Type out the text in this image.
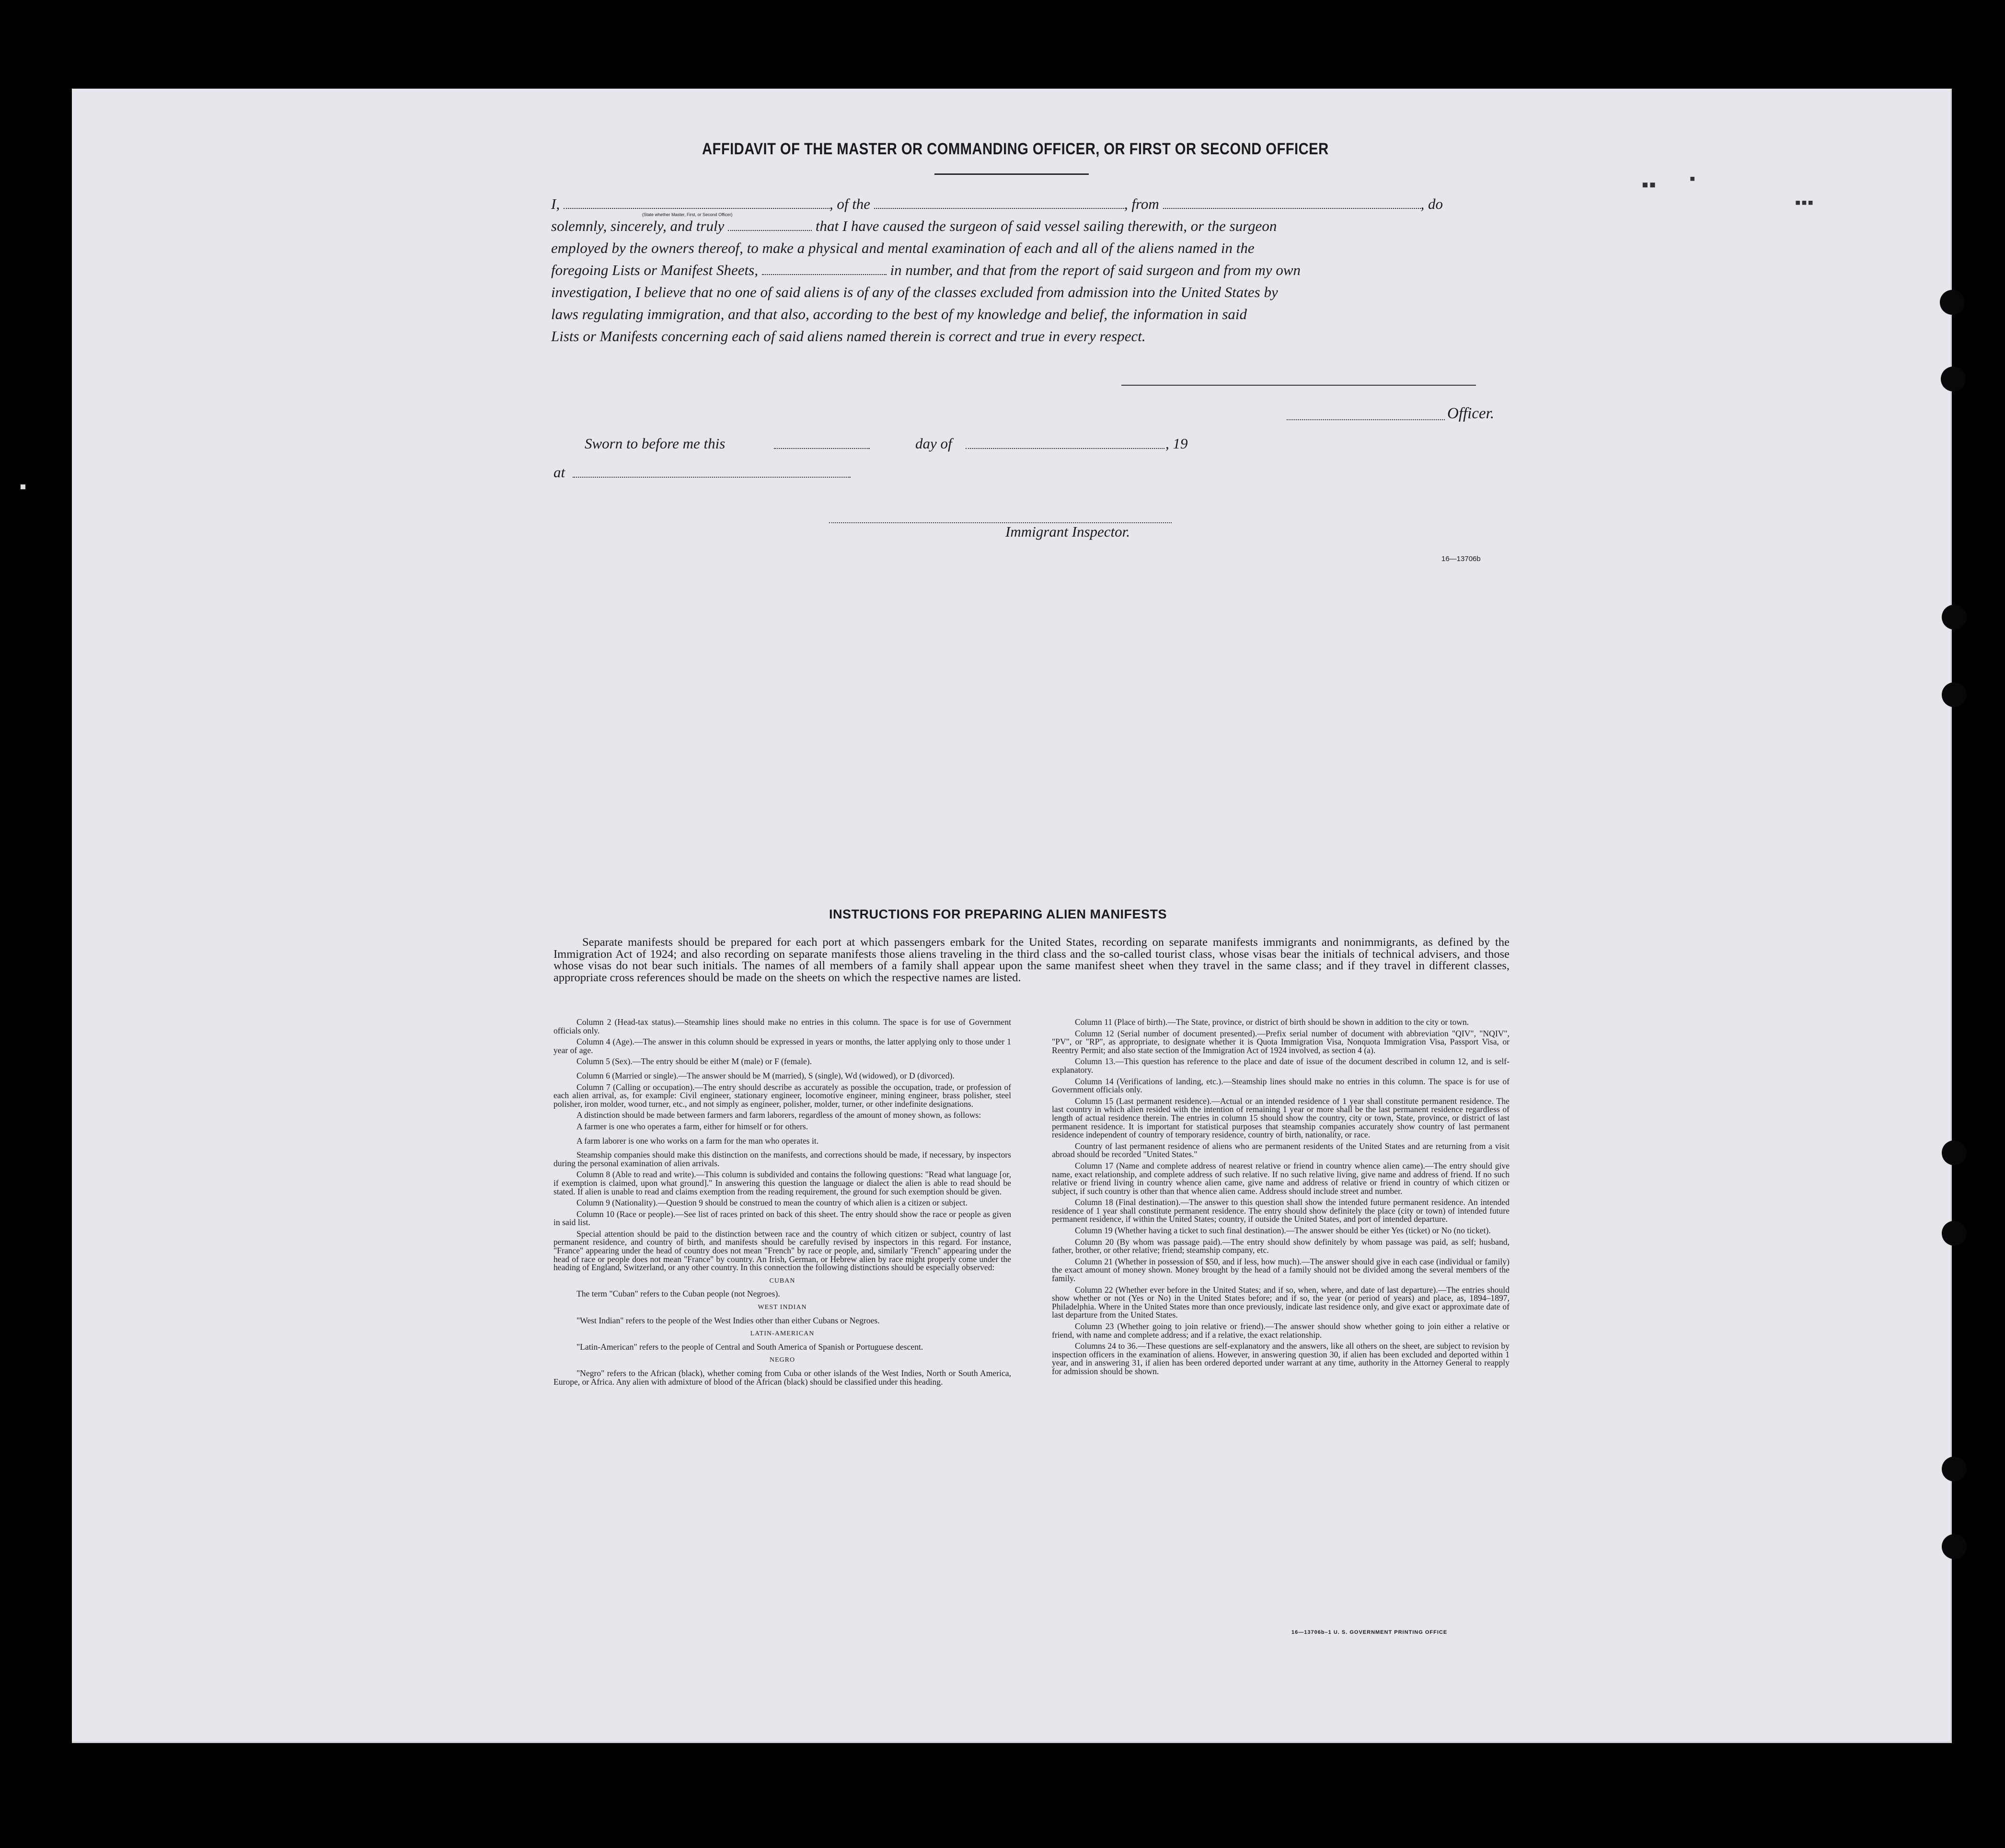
▪▪	▪
▪▪▪
▪
AFFIDAVIT OF THE MASTER OR COMMANDING OFFICER, OR FIRST OR SECOND OFFICER
I,	, of the	, from	, do
(State whether Master, First, or Second Officer)
solemnly, sincerely, and truly	that I have caused the surgeon of said vessel sailing therewith, or the surgeon
employed by the owners thereof, to make a physical and mental examination of each and all of the aliens named in the
foregoing Lists or Manifest Sheets,	in number, and that from the report of said surgeon and from my own
investigation, I believe that no one of said aliens is of any of the classes excluded from admission into the United States by
laws regulating immigration, and that also, according to the best of my knowledge and belief, the information in said
Lists or Manifests concerning each of said aliens named therein is correct and true in every respect.
Officer.
Sworn to before me this	day of	, 19
at
Immigrant Inspector.
16—13706b
INSTRUCTIONS FOR PREPARING ALIEN MANIFESTS
Separate manifests should be prepared for each port at which passengers embark for the United States, recording on separate manifests immigrants and nonimmigrants, as defined by the Immigration Act of 1924; and also recording on separate manifests those aliens traveling in the third class and the so-called tourist class, whose visas bear the initials of technical advisers, and those whose visas do not bear such initials. The names of all members of a family shall appear upon the same manifest sheet when they travel in the same class; and if they travel in different classes, appropriate cross references should be made on the sheets on which the respective names are listed.

Column 2 (Head-tax status).—Steamship lines should make no entries in this column. The space is for use of Government officials only.

Column 4 (Age).—The answer in this column should be expressed in years or months, the latter applying only to those under 1 year of age.

Column 5 (Sex).—The entry should be either M (male) or F (female).

Column 6 (Married or single).—The answer should be M (married), S (single), Wd (widowed), or D (divorced).

Column 7 (Calling or occupation).—The entry should describe as accurately as possible the occupation, trade, or profession of each alien arrival, as, for example: Civil engineer, stationary engineer, locomotive engineer, mining engineer, brass polisher, steel polisher, iron molder, wood turner, etc., and not simply as engineer, polisher, molder, turner, or other indefinite designations.

A distinction should be made between farmers and farm laborers, regardless of the amount of money shown, as follows:

A farmer is one who operates a farm, either for himself or for others.

A farm laborer is one who works on a farm for the man who operates it.

Steamship companies should make this distinction on the manifests, and corrections should be made, if necessary, by inspectors during the personal examination of alien arrivals.

Column 8 (Able to read and write).—This column is subdivided and contains the following questions: "Read what language [or, if exemption is claimed, upon what ground]." In answering this question the language or dialect the alien is able to read should be stated. If alien is unable to read and claims exemption from the reading requirement, the ground for such exemption should be given.

Column 9 (Nationality).—Question 9 should be construed to mean the country of which alien is a citizen or subject.

Column 10 (Race or people).—See list of races printed on back of this sheet. The entry should show the race or people as given in said list.

Special attention should be paid to the distinction between race and the country of which citizen or subject, country of last permanent residence, and country of birth, and manifests should be carefully revised by inspectors in this regard. For instance, "France" appearing under the head of country does not mean "French" by race or people, and, similarly "French" appearing under the head of race or people does not mean "France" by country. An Irish, German, or Hebrew alien by race might properly come under the heading of England, Switzerland, or any other country. In this connection the following distinctions should be especially observed:

CUBAN

The term "Cuban" refers to the Cuban people (not Negroes).

WEST INDIAN

"West Indian" refers to the people of the West Indies other than either Cubans or Negroes.

LATIN-AMERICAN

"Latin-American" refers to the people of Central and South America of Spanish or Portuguese descent.

NEGRO

"Negro" refers to the African (black), whether coming from Cuba or other islands of the West Indies, North or South America, Europe, or Africa. Any alien with admixture of blood of the African (black) should be classified under this heading.

Column 11 (Place of birth).—The State, province, or district of birth should be shown in addition to the city or town.

Column 12 (Serial number of document presented).—Prefix serial number of document with abbreviation "QIV", "NQIV", "PV", or "RP", as appropriate, to designate whether it is Quota Immigration Visa, Nonquota Immigration Visa, Passport Visa, or Reentry Permit; and also state section of the Immigration Act of 1924 involved, as section 4 (a).

Column 13.—This question has reference to the place and date of issue of the document described in column 12, and is self-explanatory.

Column 14 (Verifications of landing, etc.).—Steamship lines should make no entries in this column. The space is for use of Government officials only.

Column 15 (Last permanent residence).—Actual or an intended residence of 1 year shall constitute permanent residence. The last country in which alien resided with the intention of remaining 1 year or more shall be the last permanent residence regardless of length of actual residence therein. The entries in column 15 should show the country, city or town, State, province, or district of last permanent residence. It is important for statistical purposes that steamship companies accurately show country of last permanent residence independent of country of temporary residence, country of birth, nationality, or race.

Country of last permanent residence of aliens who are permanent residents of the United States and are returning from a visit abroad should be recorded "United States."

Column 17 (Name and complete address of nearest relative or friend in country whence alien came).—The entry should give name, exact relationship, and complete address of such relative. If no such relative living, give name and address of friend. If no such relative or friend living in country whence alien came, give name and address of relative or friend in country of which citizen or subject, if such country is other than that whence alien came. Address should include street and number.

Column 18 (Final destination).—The answer to this question shall show the intended future permanent residence. An intended residence of 1 year shall constitute permanent residence. The entry should show definitely the place (city or town) of intended future permanent residence, if within the United States; country, if outside the United States, and port of intended departure.

Column 19 (Whether having a ticket to such final destination).—The answer should be either Yes (ticket) or No (no ticket).

Column 20 (By whom was passage paid).—The entry should show definitely by whom passage was paid, as self; husband, father, brother, or other relative; friend; steamship company, etc.

Column 21 (Whether in possession of $50, and if less, how much).—The answer should give in each case (individual or family) the exact amount of money shown. Money brought by the head of a family should not be divided among the several members of the family.

Column 22 (Whether ever before in the United States; and if so, when, where, and date of last departure).—The entries should show whether or not (Yes or No) in the United States before; and if so, the year (or period of years) and place, as, 1894–1897, Philadelphia. Where in the United States more than once previously, indicate last residence only, and give exact or approximate date of last departure from the United States.

Column 23 (Whether going to join relative or friend).—The answer should show whether going to join either a relative or friend, with name and complete address; and if a relative, the exact relationship.

Columns 24 to 36.—These questions are self-explanatory and the answers, like all others on the sheet, are subject to revision by inspection officers in the examination of aliens. However, in answering question 30, if alien has been excluded and deported within 1 year, and in answering 31, if alien has been ordered deported under warrant at any time, authority in the Attorney General to reapply for admission should be shown.

16—13706b–1 U. S. GOVERNMENT PRINTING OFFICE
